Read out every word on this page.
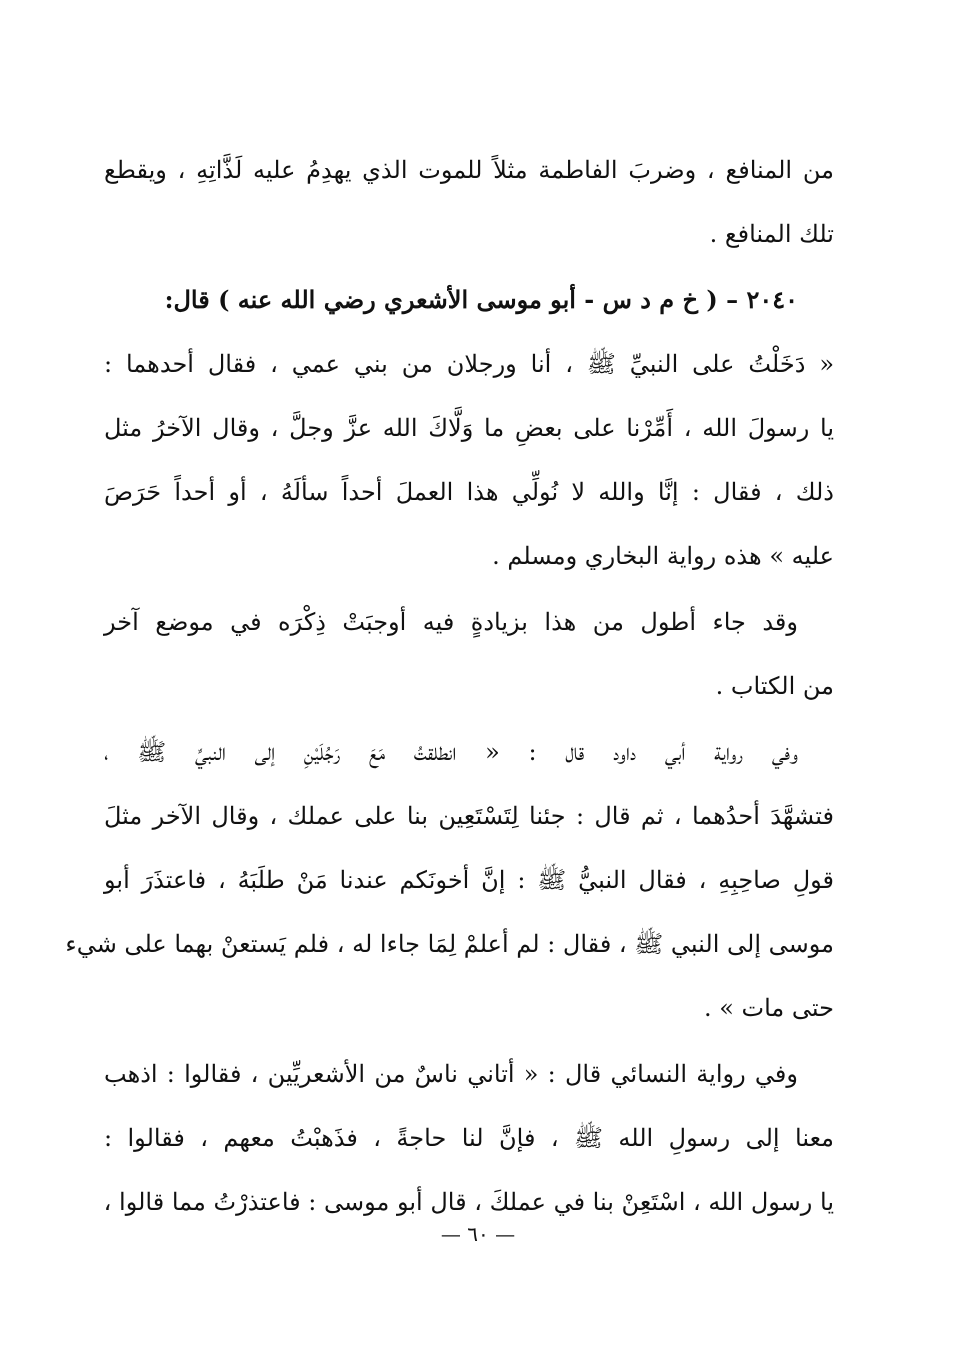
من المنافع ، وضربَ الفاطمة مثلاً للموت الذي يهدِمُ عليه لَذَّاتِهِ ، ويقطع
تلك المنافع .

٢٠٤٠ – ( خ م د س - أبو موسى الأشعري رضي الله عنه ) قال:
« دَخَلْتُ على النبيِّ ﷺ ، أنا ورجلان من بني عمي ، فقال أحدهما :
يا رسولَ الله ، أَمِّرْنا على بعضِ ما وَلَّاكَ الله عزَّ وجلَّ ، وقال الآخرُ مثل
ذلك ، فقال : إنَّا والله لا نُولِّي هذا العملَ أحداً سألَهُ ، أو أحداً حَرَصَ
عليه » هذه رواية البخاري ومسلم .

وقد جاء أطول من هذا بزيادةٍ فيه أوجبَتْ ذِكْرَه في موضع آخر
من الكتاب .

وفي رواية أبي داود قال : « انطلقتُ مَعَ رَجُلَيْنِ إلى النبيِّ ﷺ ،
فتشهَّدَ أحدُهما ، ثم قال : جئنا لِتَسْتَعِين بنا على عملك ، وقال الآخر مثلَ
قولِ صاحِبِهِ ، فقال النبيُّ ﷺ : إنَّ أخونَكم عندنا مَنْ طلَبَهُ ، فاعتذَرَ أبو
موسى إلى النبي ﷺ ، فقال : لم أعلمْ لِمَا جاءا له ، فلم يَستعنْ بهما على شيء
حتى مات » .

وفي رواية النسائي قال : « أتاني ناسٌ من الأشعريِّين ، فقالوا : اذهب
معنا إلى رسولِ الله ﷺ ، فإنَّ لنا حاجةً ، فذَهبْتُ معهم ، فقالوا :
يا رسول الله ، اسْتَعِنْ بنا في عملكَ ، قال أبو موسى : فاعتذرْتُ مما قالوا ،

— ٦٠ —
